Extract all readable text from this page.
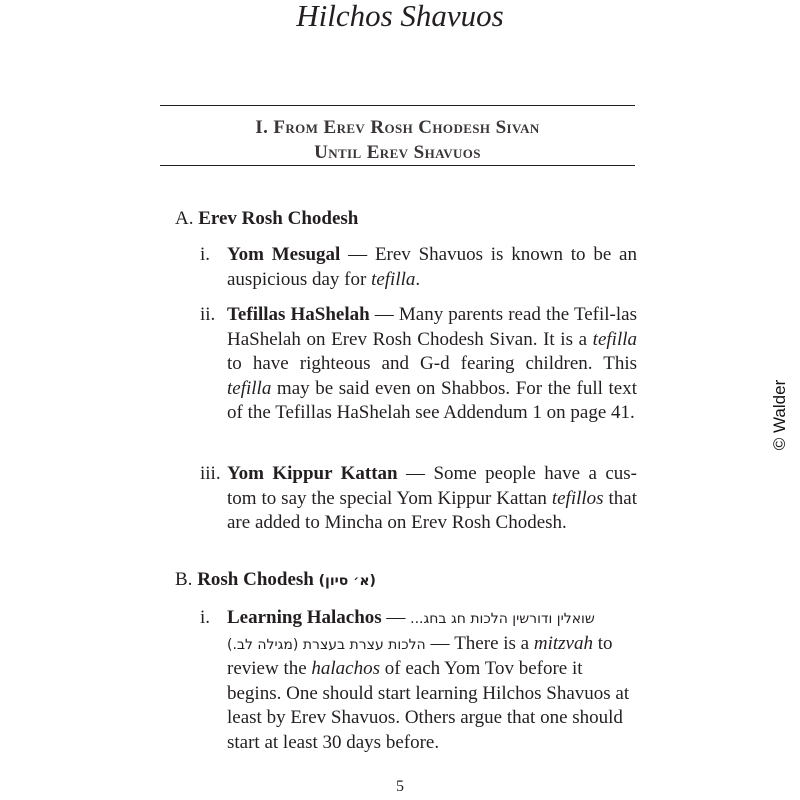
Hilchos Shavuos
I. From Erev Rosh Chodesh Sivan
Until Erev Shavuos
A. Erev Rosh Chodesh
i. Yom Mesugal — Erev Shavuos is known to be an auspicious day for tefilla.
ii. Tefillas HaShelah — Many parents read the Tefil-las HaShelah on Erev Rosh Chodesh Sivan. It is a tefilla to have righteous and G-d fearing children. This tefilla may be said even on Shabbos. For the full text of the Tefillas HaShelah see Addendum 1 on page 41.
iii. Yom Kippur Kattan — Some people have a cus-tom to say the special Yom Kippur Kattan tefillos that are added to Mincha on Erev Rosh Chodesh.
B. Rosh Chodesh (א׳ סיון)
i. Learning Halachos — שואלין ודורשין הלכות חג בחג...
הלכות עצרת בעצרת (מגילה לב.) — There is a mitzvah to review the halachos of each Yom Tov before it begins. One should start learning Hilchos Shavuos at least by Erev Shavuos. Others argue that one should start at least 30 days before.
5
© Walder
